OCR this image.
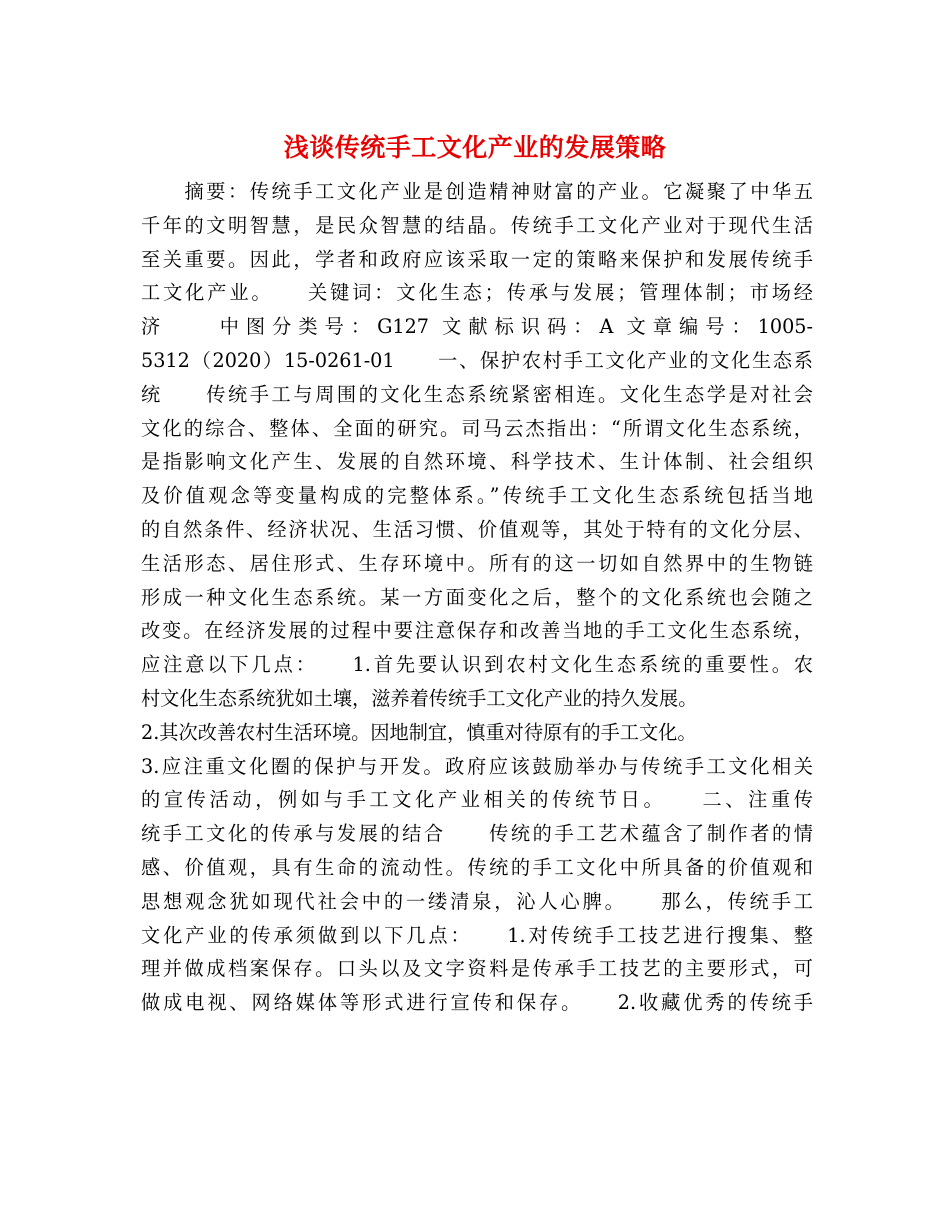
浅谈传统手工文化产业的发展策略
　　摘要：传统手工文化产业是创造精神财富的产业。它凝聚了中华五
千年的文明智慧，是民众智慧的结晶。传统手工文化产业对于现代生活
至关重要。因此，学者和政府应该采取一定的策略来保护和发展传统手
工文化产业。　　关键词：文化生态；传承与发展；管理体制；市场经
济　　中图分类号：G127 文献标识码：A 文章编号：1005-
5312（2020）15-0261-01　　一、保护农村手工文化产业的文化生态系
统　　传统手工与周围的文化生态系统紧密相连。文化生态学是对社会
文化的综合、整体、全面的研究。司马云杰指出：“所谓文化生态系统，
是指影响文化产生、发展的自然环境、科学技术、生计体制、社会组织
及价值观念等变量构成的完整体系。”传统手工文化生态系统包括当地
的自然条件、经济状况、生活习惯、价值观等，其处于特有的文化分层、
生活形态、居住形式、生存环境中。所有的这一切如自然界中的生物链
形成一种文化生态系统。某一方面变化之后，整个的文化系统也会随之
改变。在经济发展的过程中要注意保存和改善当地的手工文化生态系统，
应注意以下几点：　　1.首先要认识到农村文化生态系统的重要性。农
村文化生态系统犹如土壤，滋养着传统手工文化产业的持久发展。
2.其次改善农村生活环境。因地制宜，慎重对待原有的手工文化。
3.应注重文化圈的保护与开发。政府应该鼓励举办与传统手工文化相关
的宣传活动，例如与手工文化产业相关的传统节日。　　二、注重传
统手工文化的传承与发展的结合　　传统的手工艺术蕴含了制作者的情
感、价值观，具有生命的流动性。传统的手工文化中所具备的价值观和
思想观念犹如现代社会中的一缕清泉，沁人心脾。　　那么，传统手工
文化产业的传承须做到以下几点：　　1.对传统手工技艺进行搜集、整
理并做成档案保存。口头以及文字资料是传承手工技艺的主要形式，可
做成电视、网络媒体等形式进行宣传和保存。　　2.收藏优秀的传统手
